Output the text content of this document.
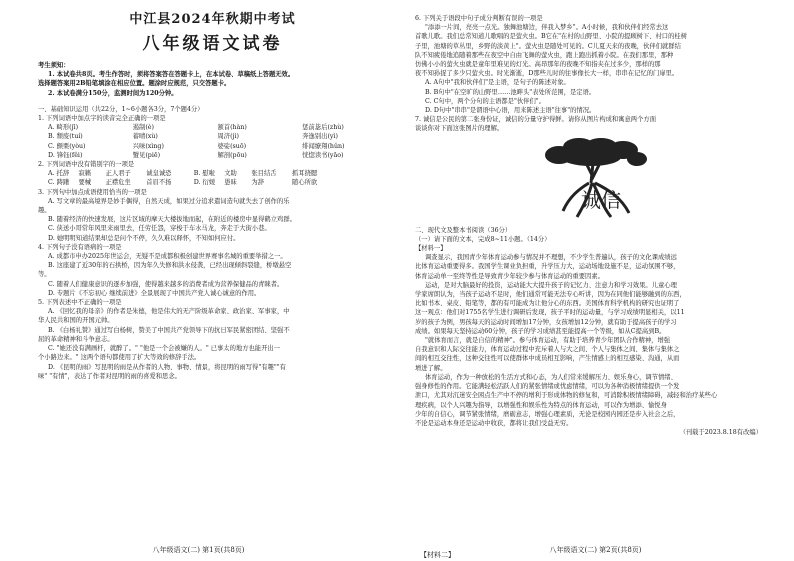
中江县2024年秋期中考试
八年级语文试卷
考生须知：
1. 本试卷共8页。考生作答时，须将答案答在答题卡上，在本试卷、草稿纸上答题无效。
选择题答案用2B铅笔填涂在相应位置。题涂时应规范，只交答题卡。
2. 本试卷满分150分，监测时间为120分钟。
一、基础知识运用（共22分，1~6小题各3分，7个题4分）
1. 下列词语中加点字的读音完全正确的一项是
A. 畸形(jī)	遏制(è)	颔首(hàn)	惩前毖后(zhù)
B. 颓废(tuí)	蓄晴(xù)	周济(jì)	奔逸别出(yì)
C. 颤栗(yòu)	兴味(xìng)	婆娑(suō)	绯闻缭翔(hǔn)
D. 锋钰(fěi)	蟹见(piē)	解剖(pōu)	恍惚读书(yāo)
2. 下列词语中没有错别字的一项是
A. 托辞	寂籁	正人君子	诚皇诚恐	B. 慰啦	文助	张目结舌	抓耳挠腮
C. 踌躇	要械	正襟危坐	首眉不扬	D. 衍媛	愚昧	为辞	随心所欲
3. 下列句中加点成语使用恰当的一项是
A. 写文章的最高境界是妙手偶得，自然天成，如果过分追求遣词造句就失去了创作的乐
趣。
B. 随着经济的快速发展，这片区域的摩天大楼拔地而起，在附近的楼房中显得鹤立鸡群。
C. 侠送小哥常年风里来雨里去，任劳任怨，穿梭于车水马龙，奔走于大街小巷。
D. 她明明知道结果却总是问个不停，久久难以释怀，不知如何应付。
4. 下列句子没有语病的一项是
A. 成都市申办2025年世运会，无疑不是成都积极创建世界赛事名城的重要举措之一。
B. 这座建了近30年的石拱桥，因为年久失修和洪水侵袭，已经出现倾斜裂缝，桥墩悬空
等。
C. 随着人们健康意识的逐步加强，使得越来越多的消费者成为营养保健品的青睐者。
D. 专题片《不忘初心 继续前进》全景展现了中国共产党人诚心诚意的作用。
5. 下列表述中不正确的一项是
A. 《回忆我的母亲》的作者是朱德，他是伟大的无产阶级革命家、政治家、军事家，中
华人民共和国的开国元帅。
B. 《白杨礼赞》通过写白杨树，赞美了中国共产党领导下的抗日军民紧密团结、坚强不
屈的革命精神和斗争意志。
C. "她还没有满画杆，就醉了。" "他是一个会被嫌的人。" 已事太的地方也能开出一
个小路边来。" 这两个语句都使用了扩大等效的修辞手法。
D. 《昆明的雨》写昆明的雨是从作者的人物、事物、情景，将昆明的雨写得"有趣""有
味" "有情"，表达了作者对昆明的雨的喜爱和思念。
八年级语文(二) 第1页(共8页)
6. 下列关于语段中句子成分判断有误的一项是
"添添一片间，亮亮一点光。独舞池塘边，伴我入梦乡"。A小时候，我和伙伴们经常去这
首歌儿歌。我们总常知道儿歌唱的是萤火虫。B它在"在村的山野里、小院的提顾树下、村口的桂树
子里，池塘的草丛里，乡野的淡黄上"。萤火虫是随处可见的。C儿夏天来的夜晚，伙伴们就群结
队不知疲倦地追随着那些在夜空中自由飞舞的萤火虫，跑上跑出抓着小院。在我们那里，那种
仿佛小小的萤火虫就是童年里难见的灯光。高昂那年的夜晚不知指夹在过多少，那样的那
夜不知孙捉了多少只萤火虫。时光渐逝，D那些儿时的往事像长大一样，串串在记忆的门扉里。
A. A句中"我和伙伴们"是主语，是句子的陈述对象。
B. B句中"在空旷的山野里……池畔头"表处所范围，是定语。
C. C句中，两个分句的主语都是"伙伴们"。
D. D句中"串串"是谓语中心语，用来陈述主语"往事"的情况。
7. 诚信是公民的第二张身份证，诚信的分量守护得鲜。请你从图片构成和寓意两个方面
谈谈你对下面这张图片的理解。
诚信
二、现代文及整本书阅读（36分）
（一）请下面的文本，完成8~11小题。（14分）
【材料一】
调查显示，我国青少年体育运动参与情况并不理想，不少学生普遍认，孩子的文化课成绩远
比体育运动重要得多。我国学生课业负担重，升学压力大，运动场地设施不足，运动氛围不够，
体育运动单一至终等性是导致青少年较少参与体育运动的重要因素。
运动，是对大脑最好的投资，运动能大大提升孩子的记忆力、注意力和学习效果。儿童心理
学家席朗认为，当孩子运动不足时，他们通常可能无法专心听讲，因为在同他们能够融到的东西，
比如书本、桌皮、铅笔等，都的有可能成为让他分心的东西。美国体育科学机构的研究也证明了
这一观点：他们对1755名学生进行调研后发现，孩子平时的运动量，与学习成绩明显相关，以11
岁的孩子为例，男孩每天的运动时间增加17分钟，女孩增加12分钟，就有助于提高孩子的学习
成绩。如果每天坚持运动60分钟，孩子的学习成绩甚至能提高一个等级，如从C提高到B。
"就体育而言，就是自信的精神"。参与体育运动，有助于培养青少年团队合作精神，增强
自我意识和人际交往能力，体育运动过程中充斥着人与大之间、个人与集体之间、集体与集体之
间的相互交往性，这种交往性可以使群体中成员相互影响，产生情感上的相互感染、沟通，从而
增进了解。
体育运动，作为一种放松的生活方式和心态，为人们常来缓解压力、娱乐身心，调节情绪、
强身修性的作用。它能满轻松活跃人们的紧张情绪或忧虑情绪，可以为各种消极情绪提供一个发
泄口，尤其对沉迷安全困点生产中不停的增利于形成体物的修复和，可消除积极情绪障碍，减轻和治疗某些心
理疾病，以个人兴趣为指导，以增强性和娱乐性为特点的体育运动，可以作为增添、愉悦身
少年的自信心，调节紧张情绪，磨砺意志，增强心理素质，无论是校园内园还是步入社会之后，
不论是运动本身还是运动中收获，都将让我们受益无穷。
（刊载于2023.8.18有改编）
八年级语文(二) 第2页(共8页)
【材料二】
